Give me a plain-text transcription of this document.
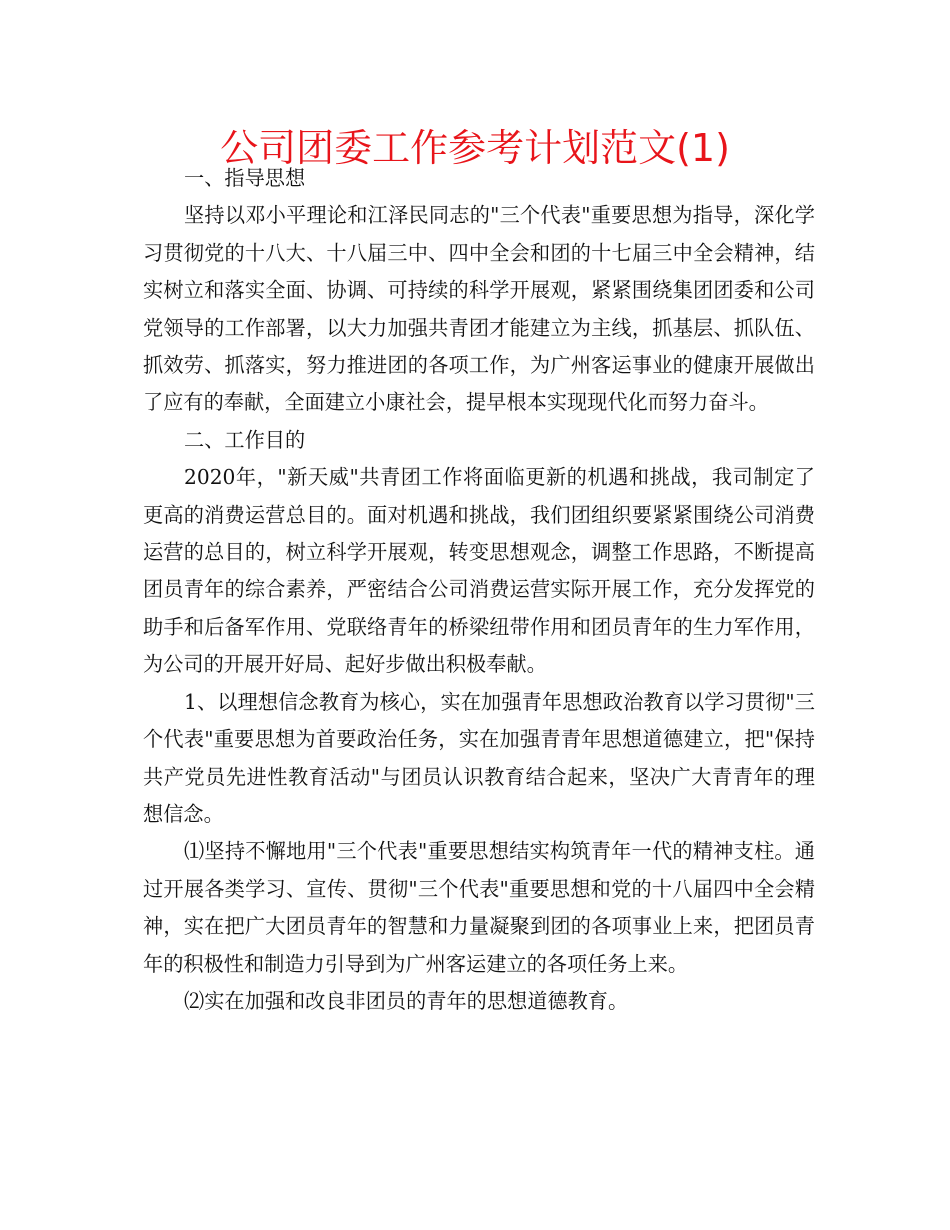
公司团委工作参考计划范文(1)

一、指导思想

坚持以邓小平理论和江泽民同志的"三个代表"重要思想为指导，深化学习贯彻党的十八大、十八届三中、四中全会和团的十七届三中全会精神，结实树立和落实全面、协调、可持续的科学开展观，紧紧围绕集团团委和公司党领导的工作部署，以大力加强共青团才能建立为主线，抓基层、抓队伍、抓效劳、抓落实，努力推进团的各项工作，为广州客运事业的健康开展做出了应有的奉献，全面建立小康社会，提早根本实现现代化而努力奋斗。

二、工作目的

2020年，"新天威"共青团工作将面临更新的机遇和挑战，我司制定了更高的消费运营总目的。面对机遇和挑战，我们团组织要紧紧围绕公司消费运营的总目的，树立科学开展观，转变思想观念，调整工作思路，不断提高团员青年的综合素养，严密结合公司消费运营实际开展工作，充分发挥党的助手和后备军作用、党联络青年的桥梁纽带作用和团员青年的生力军作用，为公司的开展开好局、起好步做出积极奉献。

1、以理想信念教育为核心，实在加强青年思想政治教育以学习贯彻"三个代表"重要思想为首要政治任务，实在加强青青年思想道德建立，把"保持共产党员先进性教育活动"与团员认识教育结合起来，坚决广大青青年的理想信念。

⑴坚持不懈地用"三个代表"重要思想结实构筑青年一代的精神支柱。通过开展各类学习、宣传、贯彻"三个代表"重要思想和党的十八届四中全会精神，实在把广大团员青年的智慧和力量凝聚到团的各项事业上来，把团员青年的积极性和制造力引导到为广州客运建立的各项任务上来。

⑵实在加强和改良非团员的青年的思想道德教育。
